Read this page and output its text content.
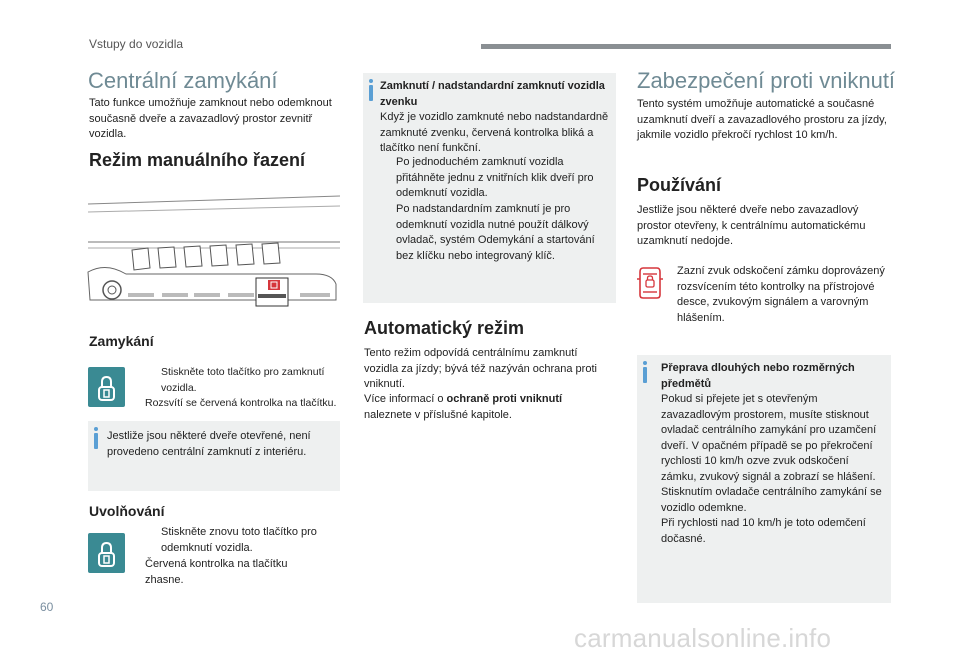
Vstupy do vozidla
Centrální zamykání
Tato funkce umožňuje zamknout nebo odemknout současně dveře a zavazadlový prostor zevnitř vozidla.
Režim manuálního řazení
Zamykání
Stiskněte toto tlačítko pro zamknutí vozidla.
Rozsvítí se červená kontrolka na tlačítku.
Jestliže jsou některé dveře otevřené, není provedeno centrální zamknutí z interiéru.
Uvolňování
Stiskněte znovu toto tlačítko pro odemknutí vozidla.
Červená kontrolka na tlačítku zhasne.
Zamknutí / nadstandardní zamknutí vozidla zvenku
Když je vozidlo zamknuté nebo nadstandardně zamknuté zvenku, červená kontrolka bliká a tlačítko není funkční.
Po jednoduchém zamknutí vozidla přitáhněte jednu z vnitřních klik dveří pro odemknutí vozidla.
Po nadstandardním zamknutí je pro odemknutí vozidla nutné použít dálkový ovladač, systém Odemykání a startování bez klíčku nebo integrovaný klíč.
Automatický režim
Tento režim odpovídá centrálnímu zamknutí vozidla za jízdy; bývá též nazýván ochrana proti vniknutí.
Více informací o ochraně proti vniknutí
naleznete v příslušné kapitole.
Zabezpečení proti vniknutí
Tento systém umožňuje automatické a současné uzamknutí dveří a zavazadlového prostoru za jízdy, jakmile vozidlo překročí rychlost 10 km/h.
Používání
Jestliže jsou některé dveře nebo zavazadlový prostor otevřeny, k centrálnímu automatickému uzamknutí nedojde.
Zazní zvuk odskočení zámku doprovázený rozsvícením této kontrolky na přístrojové desce, zvukovým signálem a varovným hlášením.
Přeprava dlouhých nebo rozměrných předmětů
Pokud si přejete jet s otevřeným zavazadlovým prostorem, musíte stisknout ovladač centrálního zamykání pro uzamčení dveří. V opačném případě se po překročení rychlosti 10 km/h ozve zvuk odskočení zámku, zvukový signál a zobrazí se hlášení.
Stisknutím ovladače centrálního zamykání se vozidlo odemkne.
Při rychlosti nad 10 km/h je toto odemčení dočasné.
60
carmanualsonline.info
